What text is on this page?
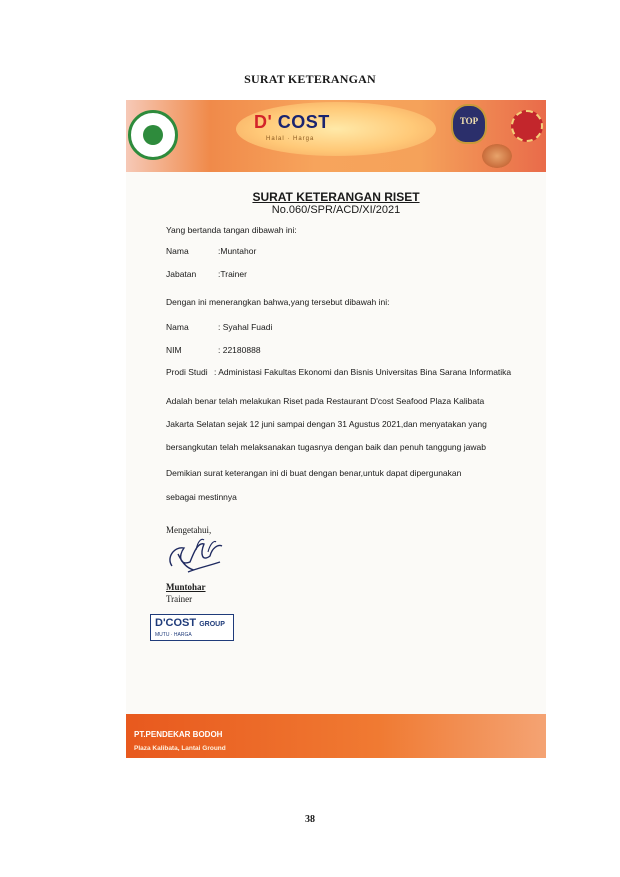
SURAT KETERANGAN
D' COST
Halal · Harga
TOP
SURAT KETERANGAN RISET
No.060/SPR/ACD/XI/2021
Yang bertanda tangan dibawah ini:
Nama	:Muntahor
Jabatan	:Trainer
Dengan ini menerangkan bahwa,yang tersebut dibawah ini:
Nama	: Syahal Fuadi
NIM	: 22180888
Prodi Studi : Administasi Fakultas Ekonomi dan Bisnis Universitas Bina Sarana Informatika
Adalah benar telah melakukan Riset pada Restaurant D'cost Seafood Plaza Kalibata
Jakarta Selatan sejak 12 juni sampai dengan 31 Agustus 2021,dan menyatakan yang
bersangkutan telah melaksanakan tugasnya dengan baik dan penuh tanggung jawab
Demikian surat keterangan ini di buat dengan benar,untuk dapat dipergunakan
sebagai mestinnya
Mengetahui,
Muntohar
Trainer
D'COST GROUP
MUTU · HARGA
PT.PENDEKAR BODOH
Plaza Kalibata, Lantai Ground
38
